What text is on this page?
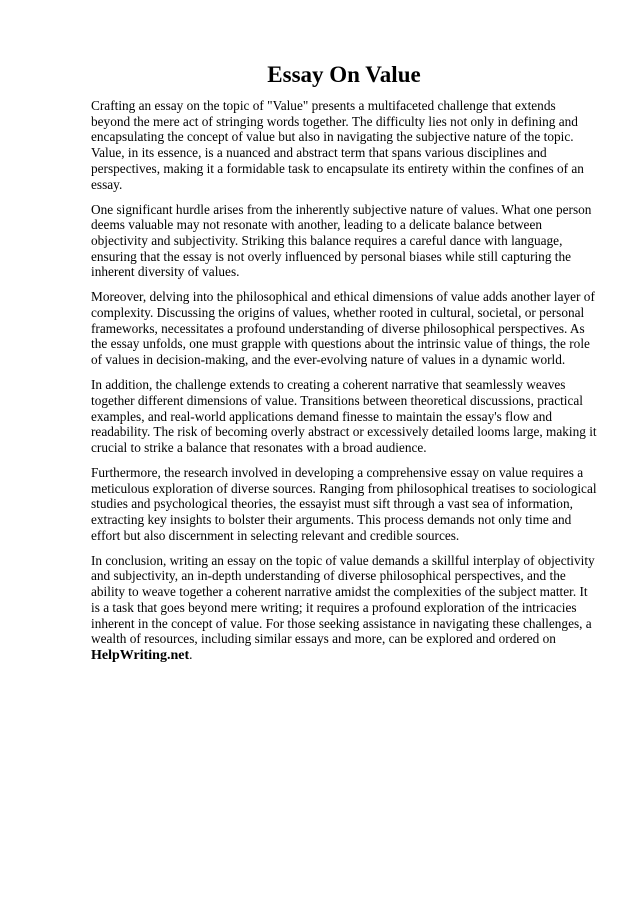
Essay On Value

Crafting an essay on the topic of "Value" presents a multifaceted challenge that extends beyond the mere act of stringing words together. The difficulty lies not only in defining and encapsulating the concept of value but also in navigating the subjective nature of the topic. Value, in its essence, is a nuanced and abstract term that spans various disciplines and perspectives, making it a formidable task to encapsulate its entirety within the confines of an essay.

One significant hurdle arises from the inherently subjective nature of values. What one person deems valuable may not resonate with another, leading to a delicate balance between objectivity and subjectivity. Striking this balance requires a careful dance with language, ensuring that the essay is not overly influenced by personal biases while still capturing the inherent diversity of values.

Moreover, delving into the philosophical and ethical dimensions of value adds another layer of complexity. Discussing the origins of values, whether rooted in cultural, societal, or personal frameworks, necessitates a profound understanding of diverse philosophical perspectives. As the essay unfolds, one must grapple with questions about the intrinsic value of things, the role of values in decision-making, and the ever-evolving nature of values in a dynamic world.

In addition, the challenge extends to creating a coherent narrative that seamlessly weaves together different dimensions of value. Transitions between theoretical discussions, practical examples, and real-world applications demand finesse to maintain the essay's flow and readability. The risk of becoming overly abstract or excessively detailed looms large, making it crucial to strike a balance that resonates with a broad audience.

Furthermore, the research involved in developing a comprehensive essay on value requires a meticulous exploration of diverse sources. Ranging from philosophical treatises to sociological studies and psychological theories, the essayist must sift through a vast sea of information, extracting key insights to bolster their arguments. This process demands not only time and effort but also discernment in selecting relevant and credible sources.

In conclusion, writing an essay on the topic of value demands a skillful interplay of objectivity and subjectivity, an in-depth understanding of diverse philosophical perspectives, and the ability to weave together a coherent narrative amidst the complexities of the subject matter. It is a task that goes beyond mere writing; it requires a profound exploration of the intricacies inherent in the concept of value. For those seeking assistance in navigating these challenges, a wealth of resources, including similar essays and more, can be explored and ordered on HelpWriting.net.
